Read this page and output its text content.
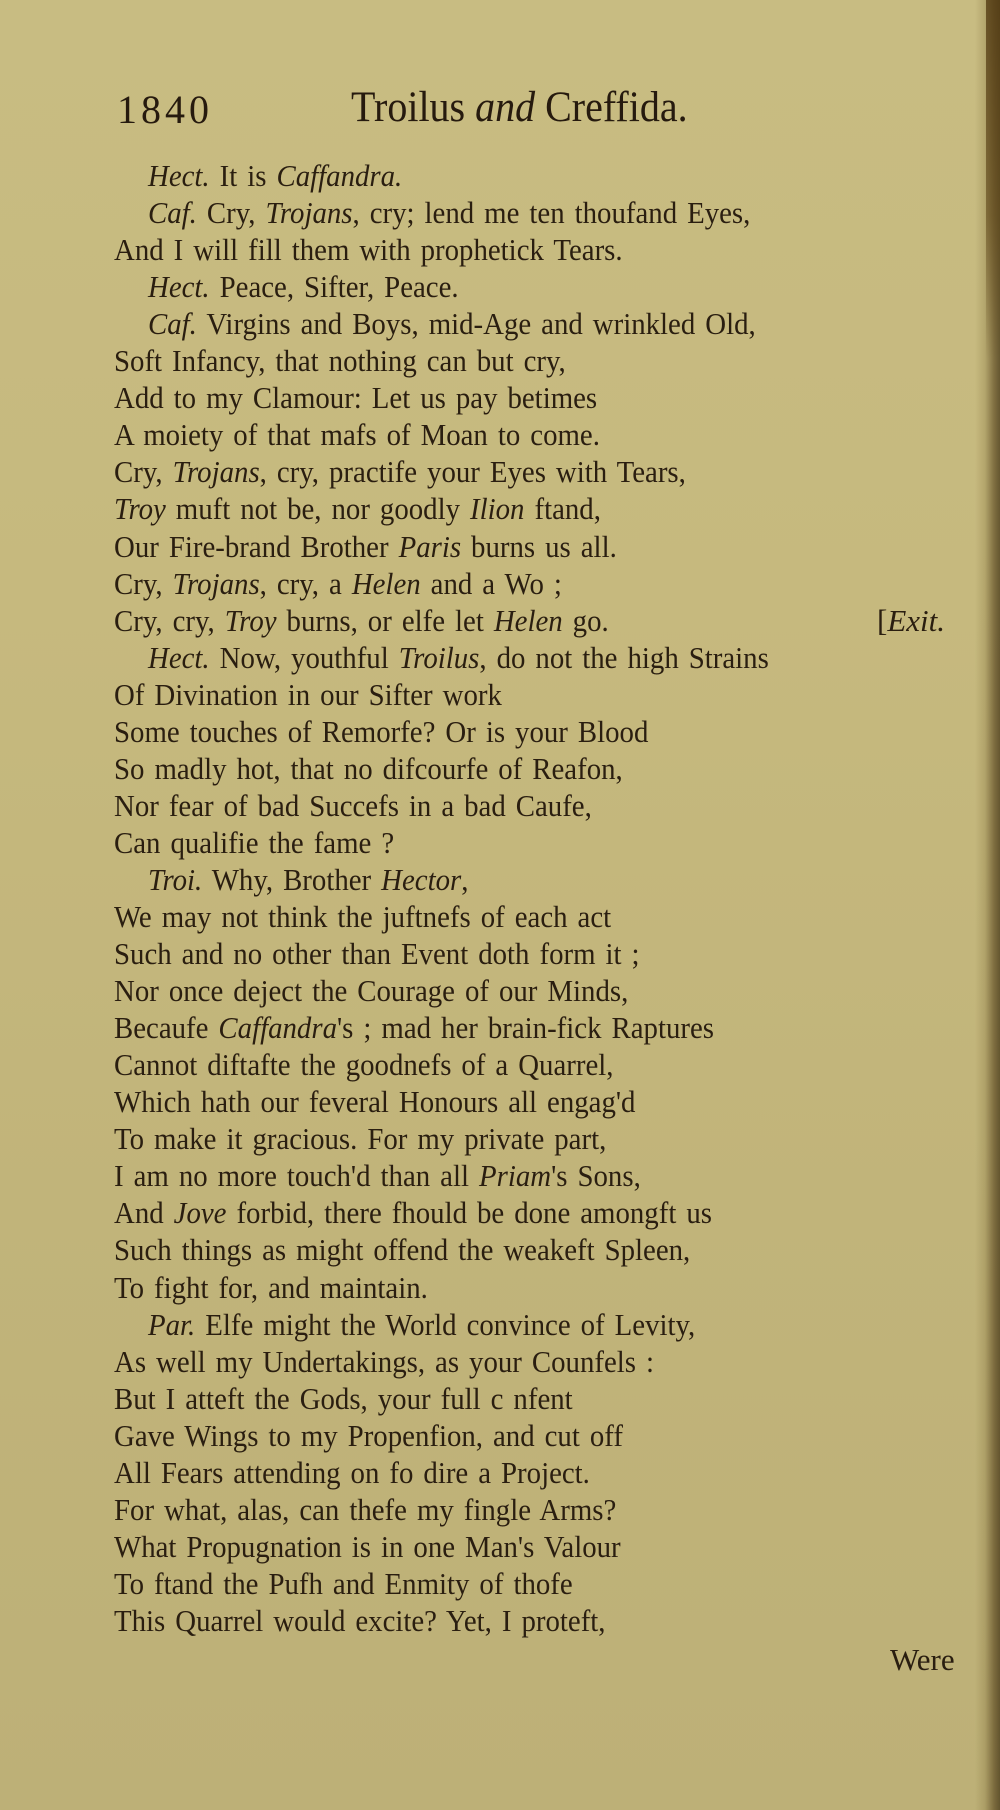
1840	Troilus and Creffida.
Hect. It is Caffandra.
Caf. Cry, Trojans, cry; lend me ten thoufand Eyes,
And I will fill them with prophetick Tears.
Hect. Peace, Sifter, Peace.
Caf. Virgins and Boys, mid-Age and wrinkled Old,
Soft Infancy, that nothing can but cry,
Add to my Clamour: Let us pay betimes
A moiety of that mafs of Moan to come.
Cry, Trojans, cry, practife your Eyes with Tears,
Troy muft not be, nor goodly Ilion ftand,
Our Fire-brand Brother Paris burns us all.
Cry, Trojans, cry, a Helen and a Wo ;
Cry, cry, Troy burns, or elfe let Helen go.	[Exit.
Hect. Now, youthful Troilus, do not the high Strains
Of Divination in our Sifter work
Some touches of Remorfe? Or is your Blood
So madly hot, that no difcourfe of Reafon,
Nor fear of bad Succefs in a bad Caufe,
Can qualifie the fame ?
Troi. Why, Brother Hector,
We may not think the juftnefs of each act
Such and no other than Event doth form it ;
Nor once deject the Courage of our Minds,
Becaufe Caffandra's ; mad her brain-fick Raptures
Cannot diftafte the goodnefs of a Quarrel,
Which hath our feveral Honours all engag'd
To make it gracious. For my private part,
I am no more touch'd than all Priam's Sons,
And Jove forbid, there fhould be done amongft us
Such things as might offend the weakeft Spleen,
To fight for, and maintain.
Par. Elfe might the World convince of Levity,
As well my Undertakings, as your Counfels :
But I atteft the Gods, your full c nfent
Gave Wings to my Propenfion, and cut off
All Fears attending on fo dire a Project.
For what, alas, can thefe my fingle Arms?
What Propugnation is in one Man's Valour
To ftand the Pufh and Enmity of thofe
This Quarrel would excite? Yet, I proteft,
Were
